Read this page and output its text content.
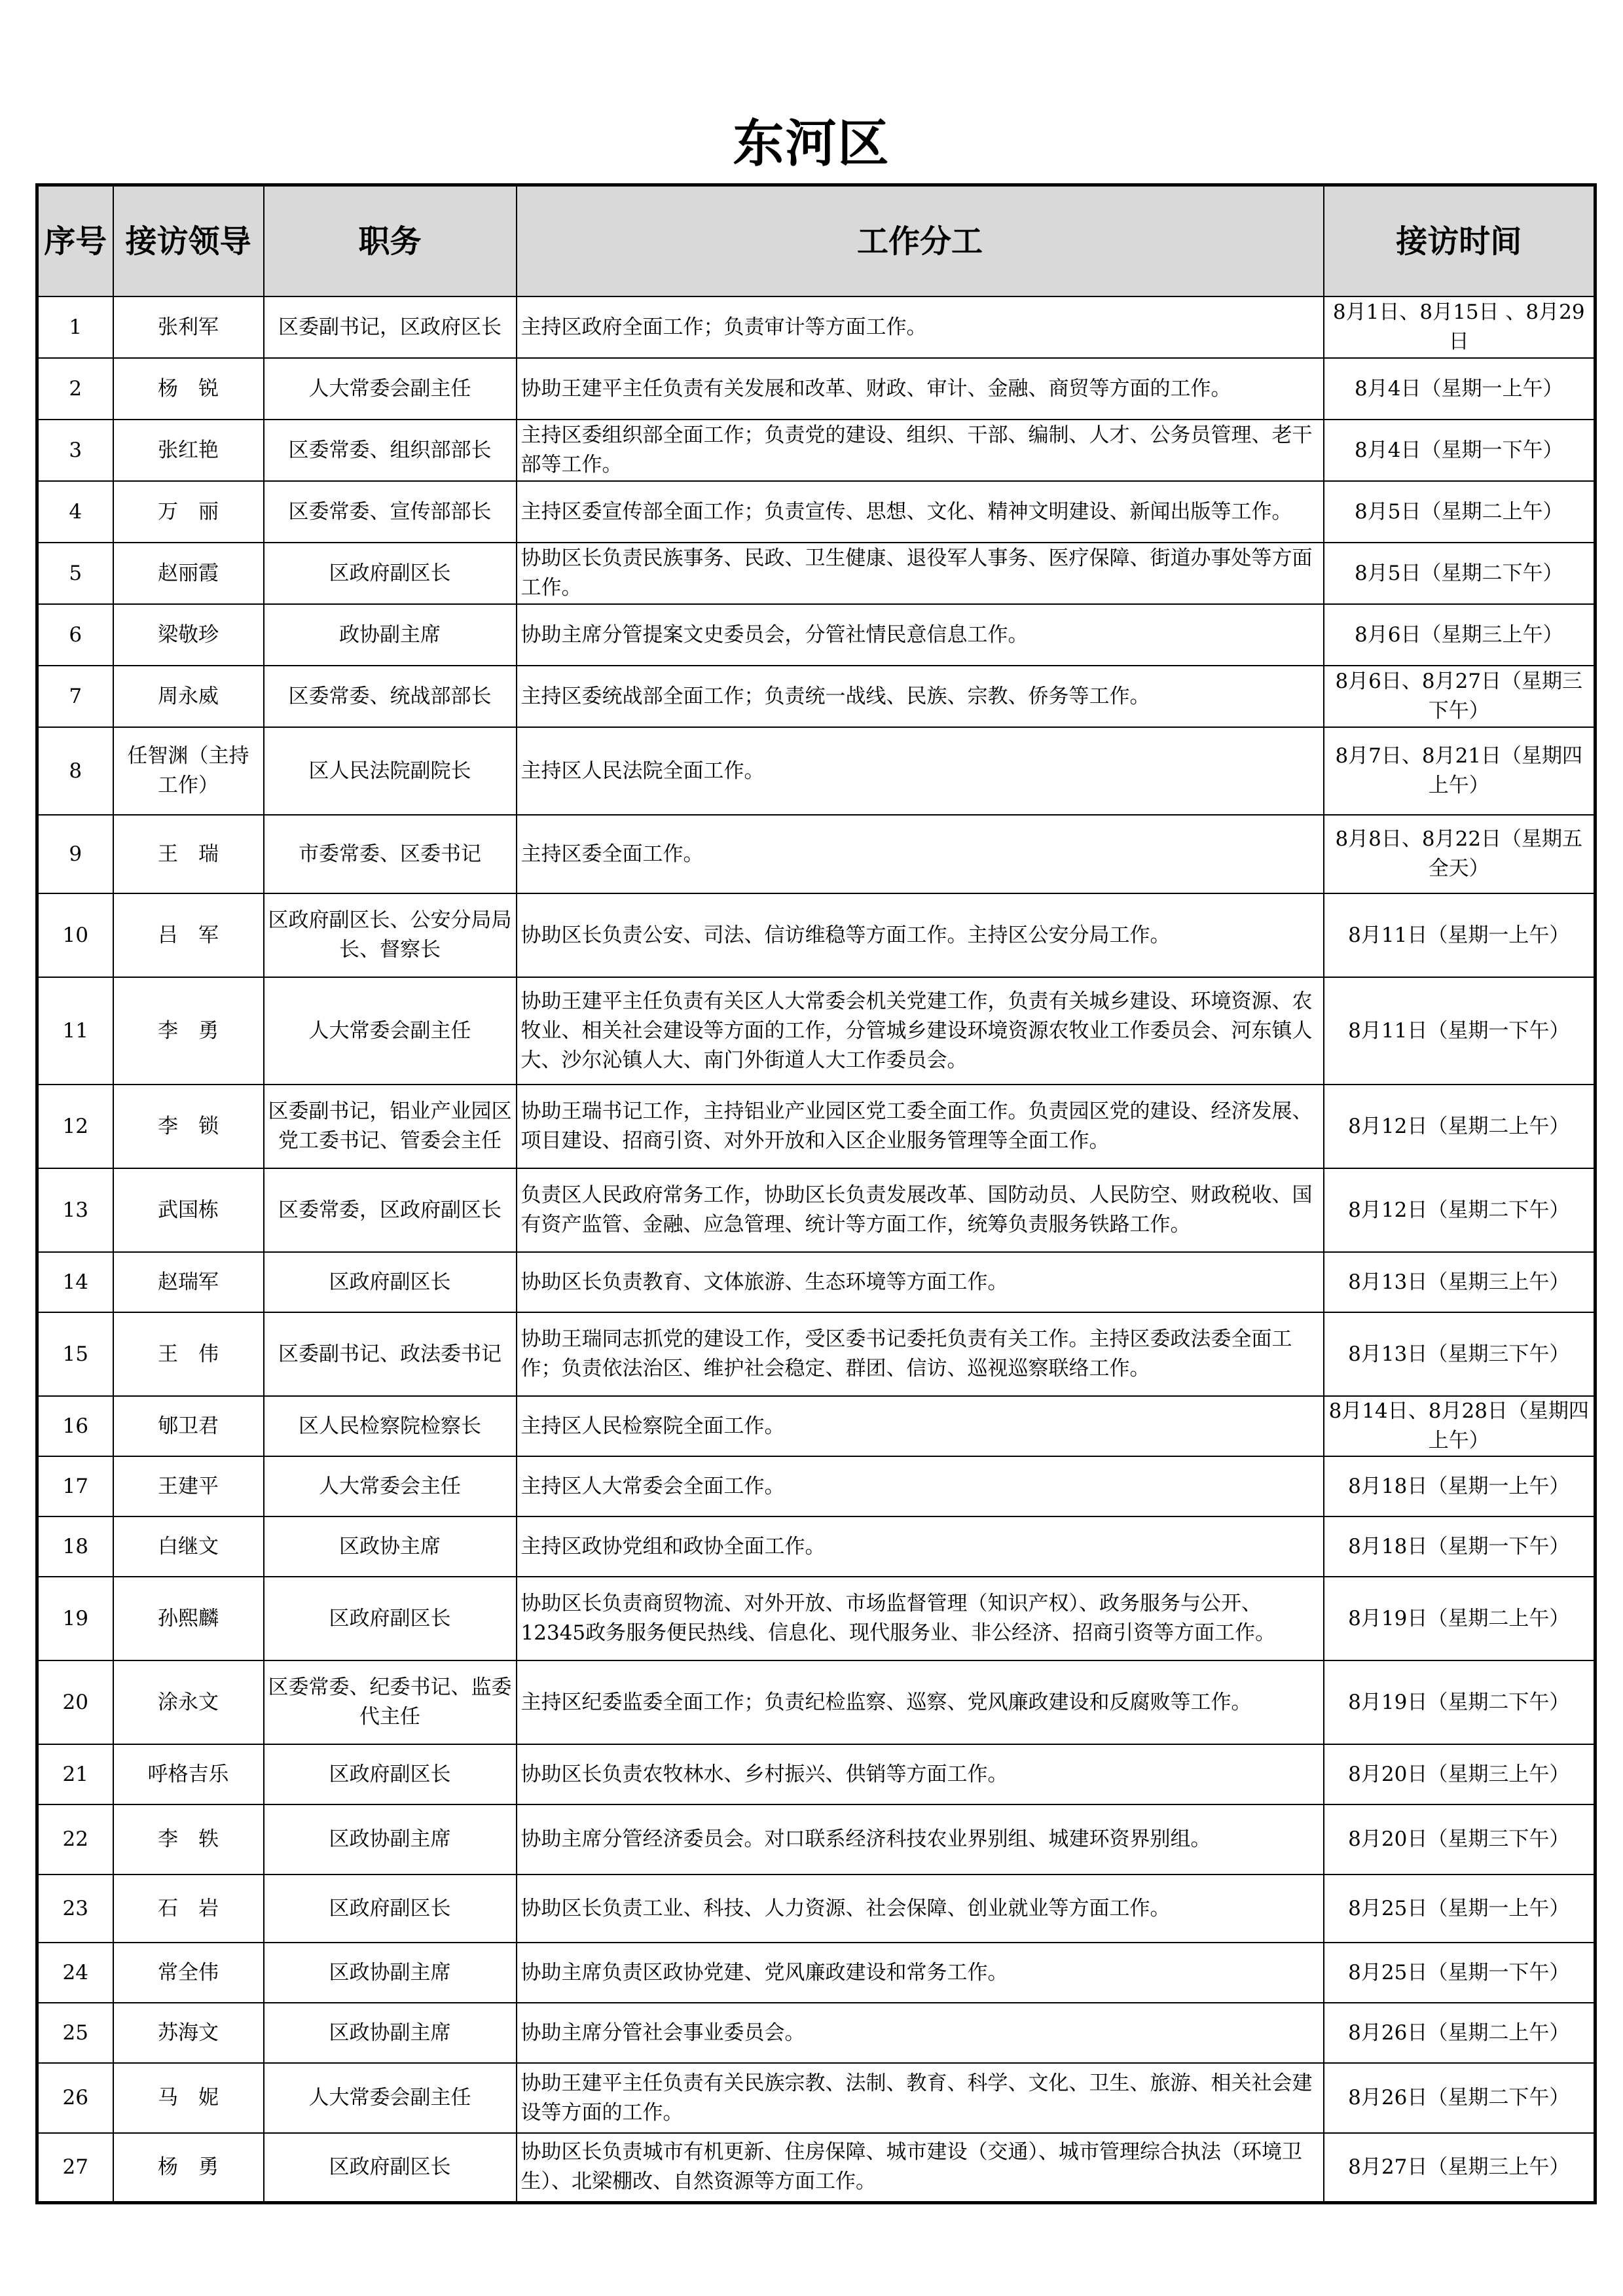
东河区
序号	接访领导	职务	工作分工	接访时间
1	张利军	区委副书记，区政府区长	主持区政府全面工作；负责审计等方面工作。	8月1日、8月15日 、8月29日
2	杨　锐	人大常委会副主任	协助王建平主任负责有关发展和改革、财政、审计、金融、商贸等方面的工作。	8月4日（星期一上午）
3	张红艳	区委常委、组织部部长	主持区委组织部全面工作；负责党的建设、组织、干部、编制、人才、公务员管理、老干部等工作。	8月4日（星期一下午）
4	万　丽	区委常委、宣传部部长	主持区委宣传部全面工作；负责宣传、思想、文化、精神文明建设、新闻出版等工作。	8月5日（星期二上午）
5	赵丽霞	区政府副区长	协助区长负责民族事务、民政、卫生健康、退役军人事务、医疗保障、街道办事处等方面工作。	8月5日（星期二下午）
6	梁敬珍	政协副主席	协助主席分管提案文史委员会，分管社情民意信息工作。	8月6日（星期三上午）
7	周永威	区委常委、统战部部长	主持区委统战部全面工作；负责统一战线、民族、宗教、侨务等工作。	8月6日、8月27日（星期三下午）
8	任智渊（主持工作）	区人民法院副院长	主持区人民法院全面工作。	8月7日、8月21日（星期四上午）
9	王　瑞	市委常委、区委书记	主持区委全面工作。	8月8日、8月22日（星期五全天）
10	吕　军	区政府副区长、公安分局局长、督察长	协助区长负责公安、司法、信访维稳等方面工作。主持区公安分局工作。	8月11日（星期一上午）
11	李　勇	人大常委会副主任	协助王建平主任负责有关区人大常委会机关党建工作，负责有关城乡建设、环境资源、农牧业、相关社会建设等方面的工作，分管城乡建设环境资源农牧业工作委员会、河东镇人大、沙尔沁镇人大、南门外街道人大工作委员会。	8月11日（星期一下午）
12	李　锁	区委副书记，铝业产业园区党工委书记、管委会主任	协助王瑞书记工作，主持铝业产业园区党工委全面工作。负责园区党的建设、经济发展、项目建设、招商引资、对外开放和入区企业服务管理等全面工作。	8月12日（星期二上午）
13	武国栋	区委常委，区政府副区长	负责区人民政府常务工作，协助区长负责发展改革、国防动员、人民防空、财政税收、国有资产监管、金融、应急管理、统计等方面工作，统筹负责服务铁路工作。	8月12日（星期二下午）
14	赵瑞军	区政府副区长	协助区长负责教育、文体旅游、生态环境等方面工作。	8月13日（星期三上午）
15	王　伟	区委副书记、政法委书记	协助王瑞同志抓党的建设工作，受区委书记委托负责有关工作。主持区委政法委全面工作；负责依法治区、维护社会稳定、群团、信访、巡视巡察联络工作。	8月13日（星期三下午）
16	郇卫君	区人民检察院检察长	主持区人民检察院全面工作。	8月14日、8月28日（星期四上午）
17	王建平	人大常委会主任	主持区人大常委会全面工作。	8月18日（星期一上午）
18	白继文	区政协主席	主持区政协党组和政协全面工作。	8月18日（星期一下午）
19	孙熙麟	区政府副区长	协助区长负责商贸物流、对外开放、市场监督管理（知识产权）、政务服务与公开、12345政务服务便民热线、信息化、现代服务业、非公经济、招商引资等方面工作。	8月19日（星期二上午）
20	涂永文	区委常委、纪委书记、监委代主任	主持区纪委监委全面工作；负责纪检监察、巡察、党风廉政建设和反腐败等工作。	8月19日（星期二下午）
21	呼格吉乐	区政府副区长	协助区长负责农牧林水、乡村振兴、供销等方面工作。	8月20日（星期三上午）
22	李　轶	区政协副主席	协助主席分管经济委员会。对口联系经济科技农业界别组、城建环资界别组。	8月20日（星期三下午）
23	石　岩	区政府副区长	协助区长负责工业、科技、人力资源、社会保障、创业就业等方面工作。	8月25日（星期一上午）
24	常全伟	区政协副主席	协助主席负责区政协党建、党风廉政建设和常务工作。	8月25日（星期一下午）
25	苏海文	区政协副主席	协助主席分管社会事业委员会。	8月26日（星期二上午）
26	马　妮	人大常委会副主任	协助王建平主任负责有关民族宗教、法制、教育、科学、文化、卫生、旅游、相关社会建设等方面的工作。	8月26日（星期二下午）
27	杨　勇	区政府副区长	协助区长负责城市有机更新、住房保障、城市建设（交通）、城市管理综合执法（环境卫生）、北梁棚改、自然资源等方面工作。	8月27日（星期三上午）
